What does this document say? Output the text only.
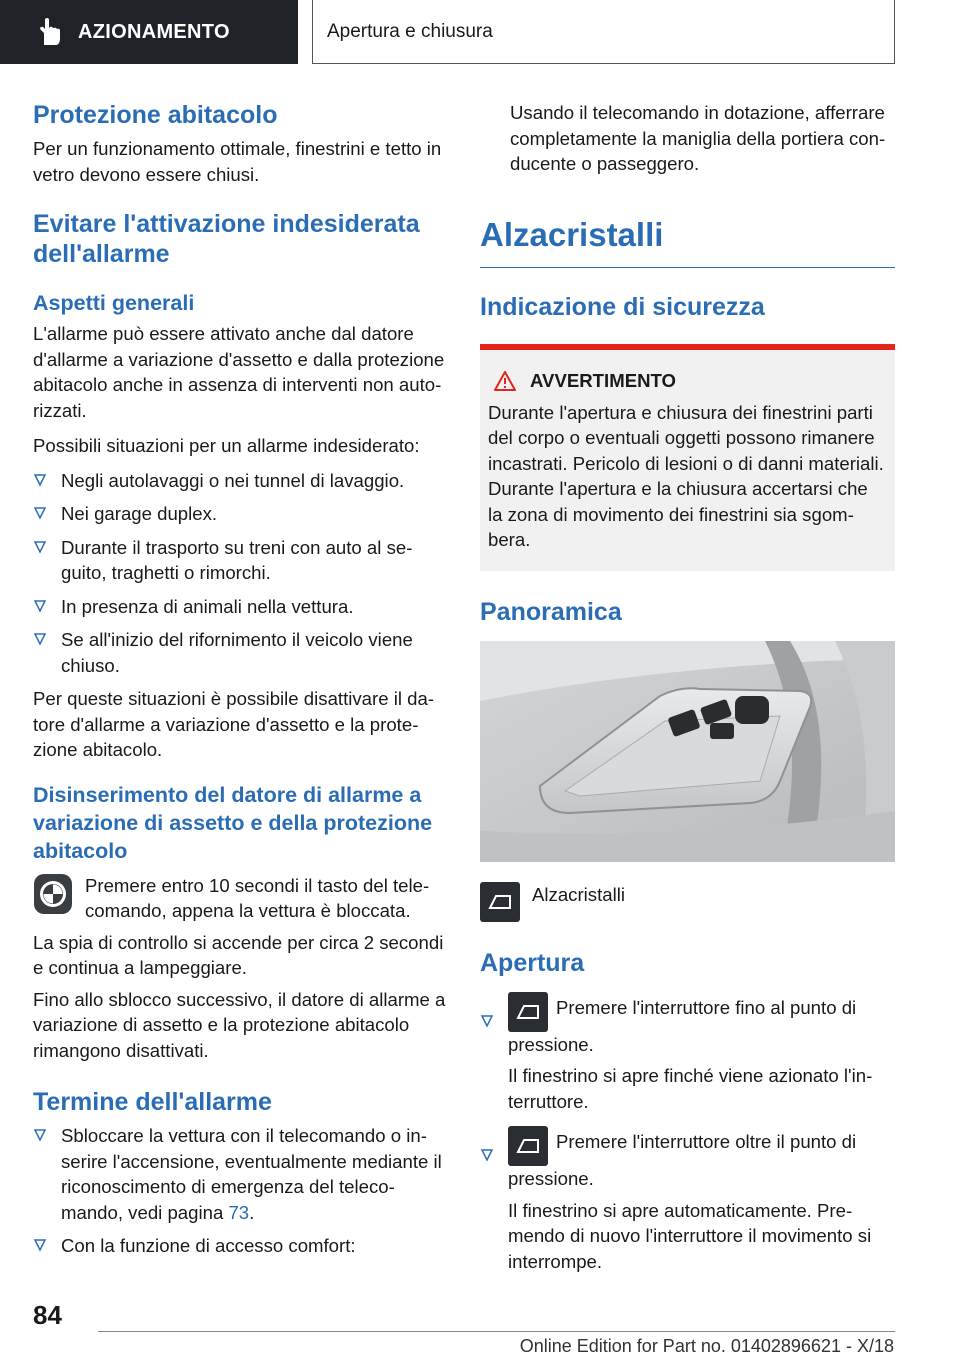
AZIONAMENTO	Apertura e chiusura
Protezione abitacolo

Per un funzionamento ottimale, finestrini e tetto in vetro devono essere chiusi.

Evitare l'attivazione indesiderata dell'allarme
Aspetti generali

L'allarme può essere attivato anche dal datore d'allarme a variazione d'assetto e dalla protezione abitacolo anche in assenza di interventi non autorizzati.

Possibili situazioni per un allarme indesiderato:

Negli autolavaggi o nei tunnel di lavaggio.
Nei garage duplex.
Durante il trasporto su treni con auto al seguito, traghetti o rimorchi.
In presenza di animali nella vettura.
Se all'inizio del rifornimento il veicolo viene chiuso.

Per queste situazioni è possibile disattivare il datore d'allarme a variazione d'assetto e la protezione abitacolo.

Disinserimento del datore di allarme a variazione di assetto e della protezione abitacolo

Premere entro 10 secondi il tasto del telecomando, appena la vettura è bloccata.

La spia di controllo si accende per circa 2 secondi e continua a lampeggiare.

Fino allo sblocco successivo, il datore di allarme a variazione di assetto e la protezione abitacolo rimangono disattivati.

Termine dell'allarme
Sbloccare la vettura con il telecomando o inserire l'accensione, eventualmente mediante il riconoscimento di emergenza del telecomando, vedi pagina 73.
Con la funzione di accesso comfort:

Usando il telecomando in dotazione, afferrare completamente la maniglia della portiera conducente o passeggero.

Alzacristalli
Indicazione di sicurezza
AVVERTIMENTO

Durante l'apertura e chiusura dei finestrini parti del corpo o eventuali oggetti possono rimanere incastrati. Pericolo di lesioni o di danni materiali. Durante l'apertura e la chiusura accertarsi che la zona di movimento dei finestrini sia sgombera.

Panoramica

Alzacristalli

Apertura
Premere l'interruttore fino al punto di pressione.

Il finestrino si apre finché viene azionato l'interruttore.

Premere l'interruttore oltre il punto di pressione.

Il finestrino si apre automaticamente. Premendo di nuovo l'interruttore il movimento si interrompe.

84
Online Edition for Part no. 01402896621 - X/18
